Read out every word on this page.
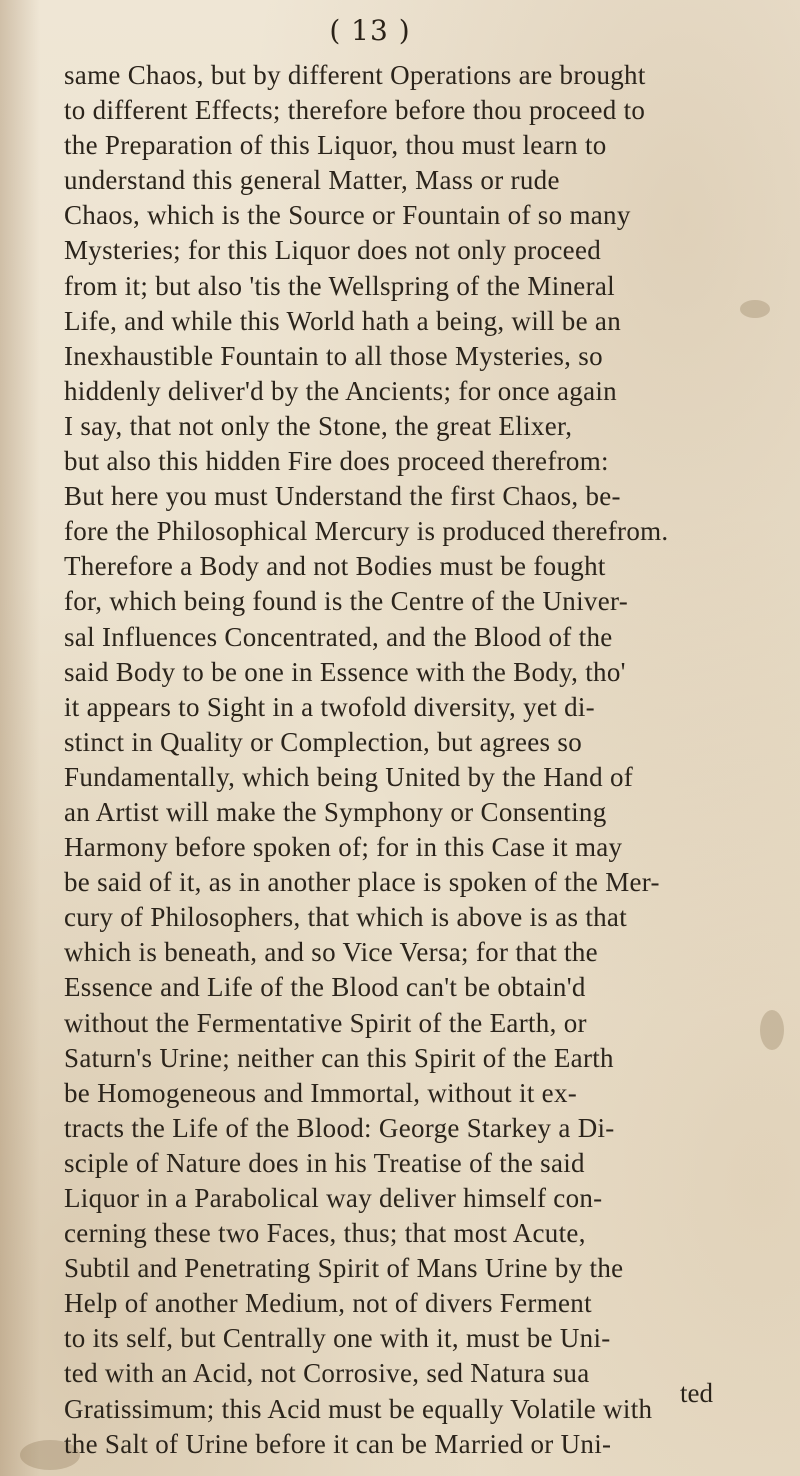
( 13 )
same Chaos, but by different Operations are brought
to different Effects; therefore before thou proceed to
the Preparation of this Liquor, thou must learn to
understand this general Matter, Mass or rude
Chaos, which is the Source or Fountain of so many
Mysteries; for this Liquor does not only proceed
from it; but also 'tis the Wellspring of the Mineral
Life, and while this World hath a being, will be an
Inexhaustible Fountain to all those Mysteries, so
hiddenly deliver'd by the Ancients; for once again
I say, that not only the Stone, the great Elixer,
but also this hidden Fire does proceed therefrom:
But here you must Understand the first Chaos, be-
fore the Philosophical Mercury is produced therefrom.
Therefore a Body and not Bodies must be fought
for, which being found is the Centre of the Univer-
sal Influences Concentrated, and the Blood of the
said Body to be one in Essence with the Body, tho'
it appears to Sight in a twofold diversity, yet di-
stinct in Quality or Complection, but agrees so
Fundamentally, which being United by the Hand of
an Artist will make the Symphony or Consenting
Harmony before spoken of; for in this Case it may
be said of it, as in another place is spoken of the Mer-
cury of Philosophers, that which is above is as that
which is beneath, and so Vice Versa; for that the
Essence and Life of the Blood can't be obtain'd
without the Fermentative Spirit of the Earth, or
Saturn's Urine; neither can this Spirit of the Earth
be Homogeneous and Immortal, without it ex-
tracts the Life of the Blood: George Starkey a Di-
sciple of Nature does in his Treatise of the said
Liquor in a Parabolical way deliver himself con-
cerning these two Faces, thus; that most Acute,
Subtil and Penetrating Spirit of Mans Urine by the
Help of another Medium, not of divers Ferment
to its self, but Centrally one with it, must be Uni-
ted with an Acid, not Corrosive, sed Natura sua
Gratissimum; this Acid must be equally Volatile with
the Salt of Urine before it can be Married or Uni-
ted
